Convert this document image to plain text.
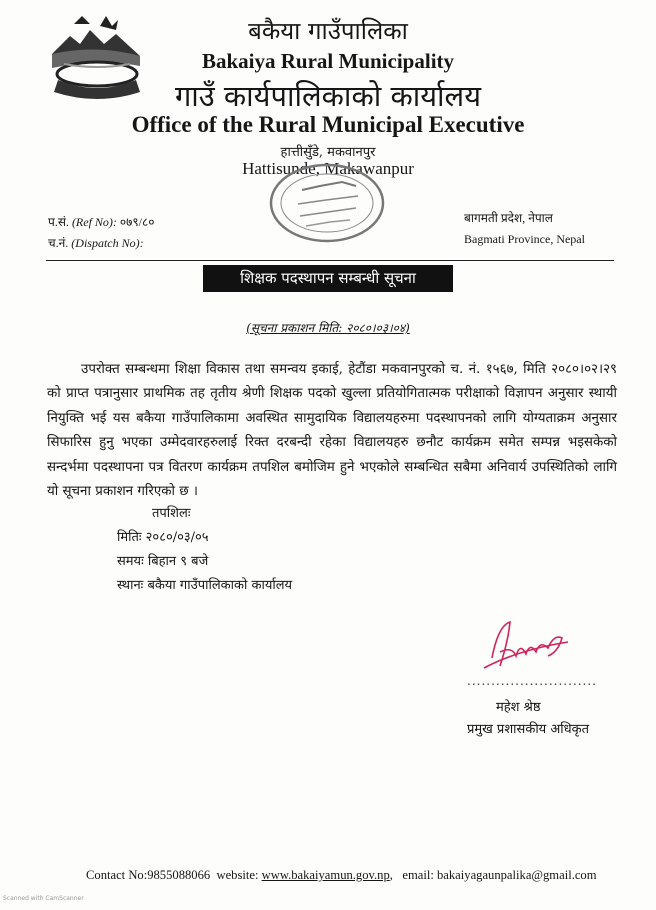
बकैया गाउँपालिका
Bakaiya Rural Municipality
गाउँ कार्यपालिकाको कार्यालय
Office of the Rural Municipal Executive
हात्तीसुँडे, मकवानपुर
Hattisunde, Makawanpur
प.सं. (Ref No): ०७९/८०
च.नं. (Dispatch No):
बागमती प्रदेश, नेपाल
Bagmati Province, Nepal
शिक्षक पदस्थापन सम्बन्धी सूचना
(सूचना प्रकाशन मिति: २०८०।०३।०४)
उपरोक्त सम्बन्धमा शिक्षा विकास तथा समन्वय इकाई, हेटौंडा मकवानपुरको च. नं. १५६७, मिति २०८०।०२।२९ को प्राप्त पत्रानुसार प्राथमिक तह तृतीय श्रेणी शिक्षक पदको खुल्ला प्रतियोगितात्मक परीक्षाको विज्ञापन अनुसार स्थायी नियुक्ति भई यस बकैया गाउँपालिकामा अवस्थित सामुदायिक विद्यालयहरुमा पदस्थापनको लागि योग्यताक्रम अनुसार सिफारिस हुनु भएका उम्मेदवारहरुलाई रिक्त दरबन्दी रहेका विद्यालयहरु छनौट कार्यक्रम समेत सम्पन्न भइसकेको सन्दर्भमा पदस्थापना पत्र वितरण कार्यक्रम तपशिल बमोजिम हुने भएकोले सम्बन्धित सबैमा अनिवार्य उपस्थितिको लागि यो सूचना प्रकाशन गरिएको छ ।
तपशिलः
मितिः २०८०/०३/०५
समयः बिहान ९ बजे
स्थानः बकैया गाउँपालिकाको कार्यालय
...........................
महेश श्रेष्ठ
प्रमुख प्रशासकीय अधिकृत
Contact No:9855088066 website: www.bakaiyamun.gov.np,   email: bakaiyagaunpalika@gmail.com
Scanned with CamScanner
